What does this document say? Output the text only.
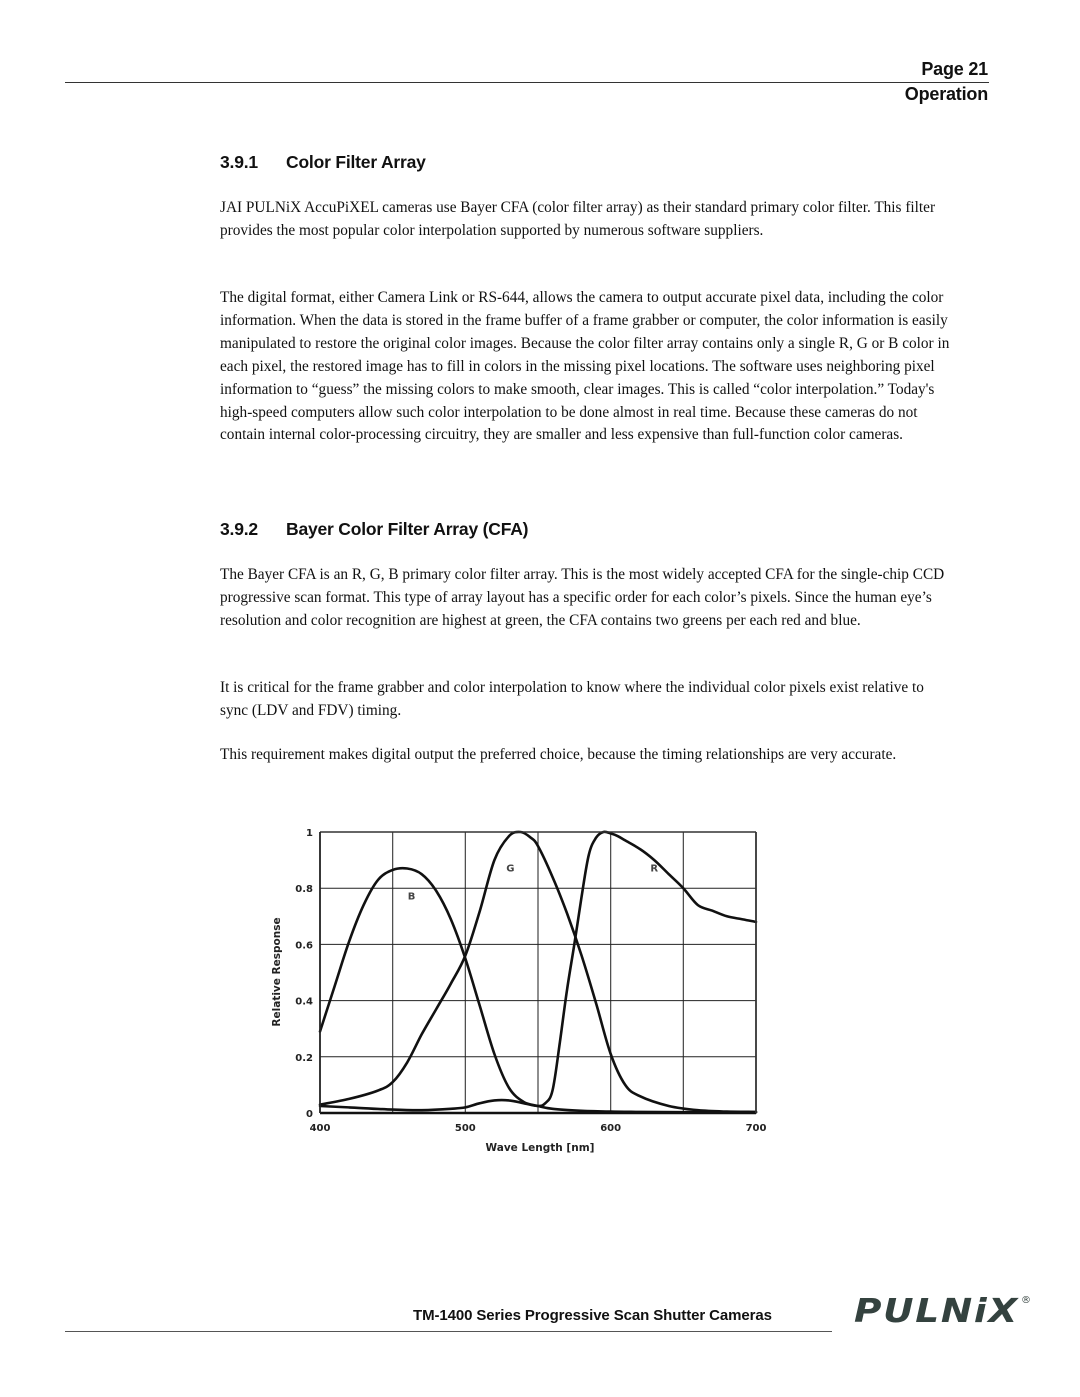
Page 21
Operation
3.9.1 Color Filter Array

JAI PULNiX AccuPiXEL cameras use Bayer CFA (color filter array) as their standard primary color filter. This filter provides the most popular color interpolation supported by numerous software suppliers.

The digital format, either Camera Link or RS-644, allows the camera to output accurate pixel data, including the color information. When the data is stored in the frame buffer of a frame grabber or computer, the color information is easily manipulated to restore the original color images. Because the color filter array contains only a single R, G or B color in each pixel, the restored image has to fill in colors in the missing pixel locations. The software uses neighboring pixel information to “guess” the missing colors to make smooth, clear images. This is called “color interpolation.” Today's high-speed computers allow such color interpolation to be done almost in real time. Because these cameras do not contain internal color-processing circuitry, they are smaller and less expensive than full-function color cameras.

3.9.2 Bayer Color Filter Array (CFA)

The Bayer CFA is an R, G, B primary color filter array. This is the most widely accepted CFA for the single-chip CCD progressive scan format. This type of array layout has a specific order for each color’s pixels. Since the human eye’s resolution and color recognition are highest at green, the CFA contains two greens per each red and blue.

It is critical for the frame grabber and color interpolation to know where the individual color pixels exist relative to sync (LDV and FDV) timing.

This requirement makes digital output the preferred choice, because the timing relationships are very accurate.

400	500	600	700
0
0.2
0.4
0.6
0.8
1
B
G	R
Wave Length [nm]
Relative Response
TM-1400 Series Progressive Scan Shutter Cameras PULNiX ®
